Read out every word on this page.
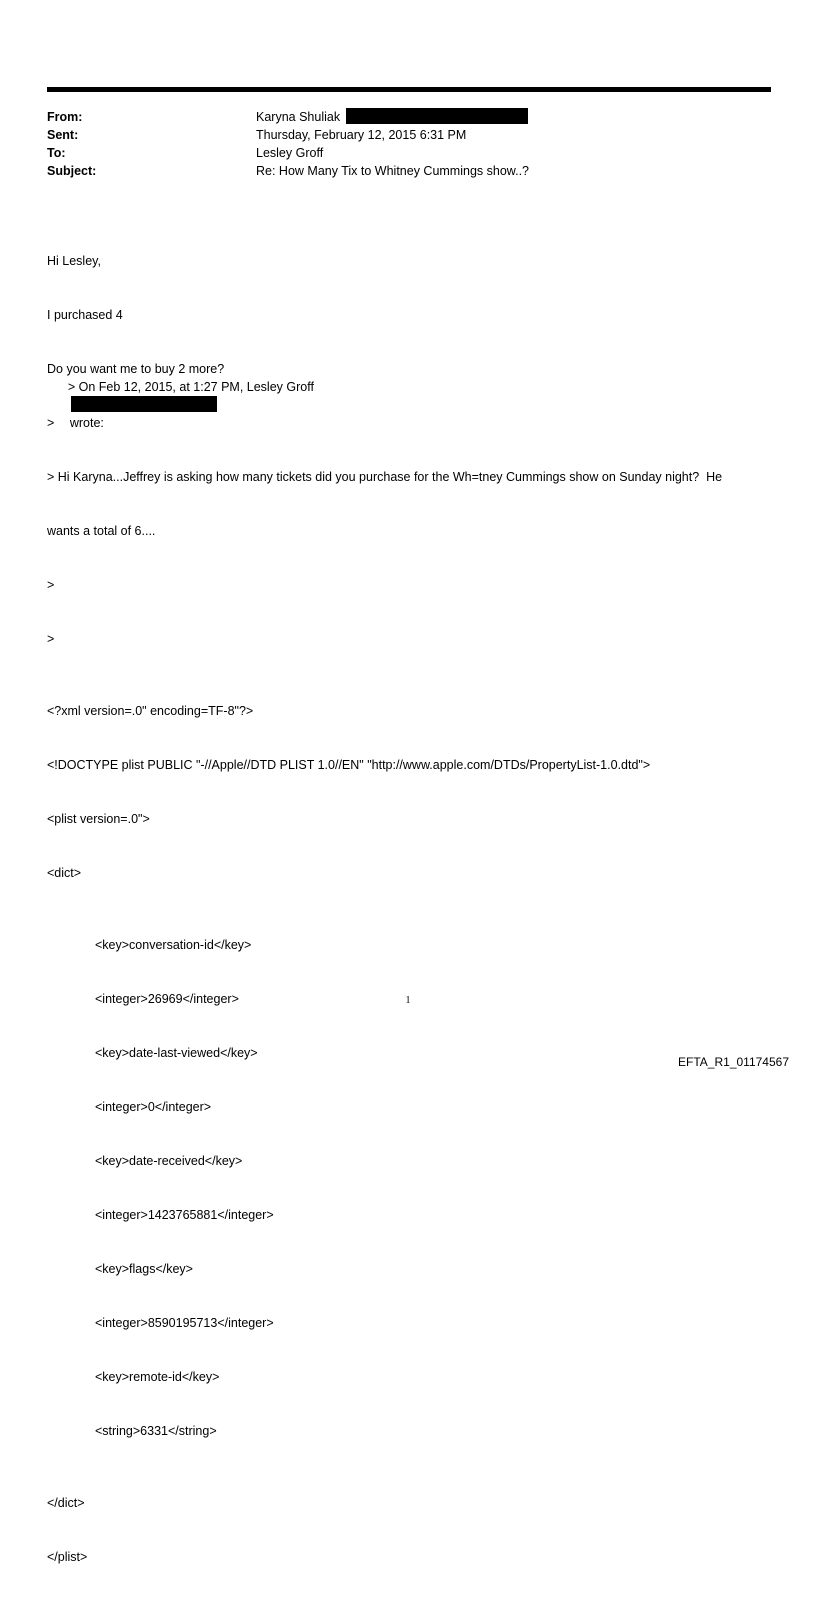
From:	Karyna Shuliak
Sent:	Thursday, February 12, 2015 6:31 PM
To:	Lesley Groff
Subject:	Re: How Many Tix to Whitney Cummings show..?

Hi Lesley,

I purchased 4

Do you want me to buy 2 more?

> On Feb 12, 2015, at 1:27 PM, Lesley Groff

wrote:

>

> Hi Karyna...Jeffrey is asking how many tickets did you purchase for the Wh=tney Cummings show on Sunday night?  He

wants a total of 6....

>

>

<?xml version=.0" encoding=TF-8"?>

<!DOCTYPE plist PUBLIC "-//Apple//DTD PLIST 1.0//EN" "http://www.apple.com/DTDs/PropertyList-1.0.dtd">

<plist version=.0">

<dict>

<key>conversation-id</key>

<integer>26969</integer>

<key>date-last-viewed</key>

<integer>0</integer>

<key>date-received</key>

<integer>1423765881</integer>

<key>flags</key>

<integer>8590195713</integer>

<key>remote-id</key>

<string>6331</string>

</dict>

</plist>

1
EFTA_R1_01174567
